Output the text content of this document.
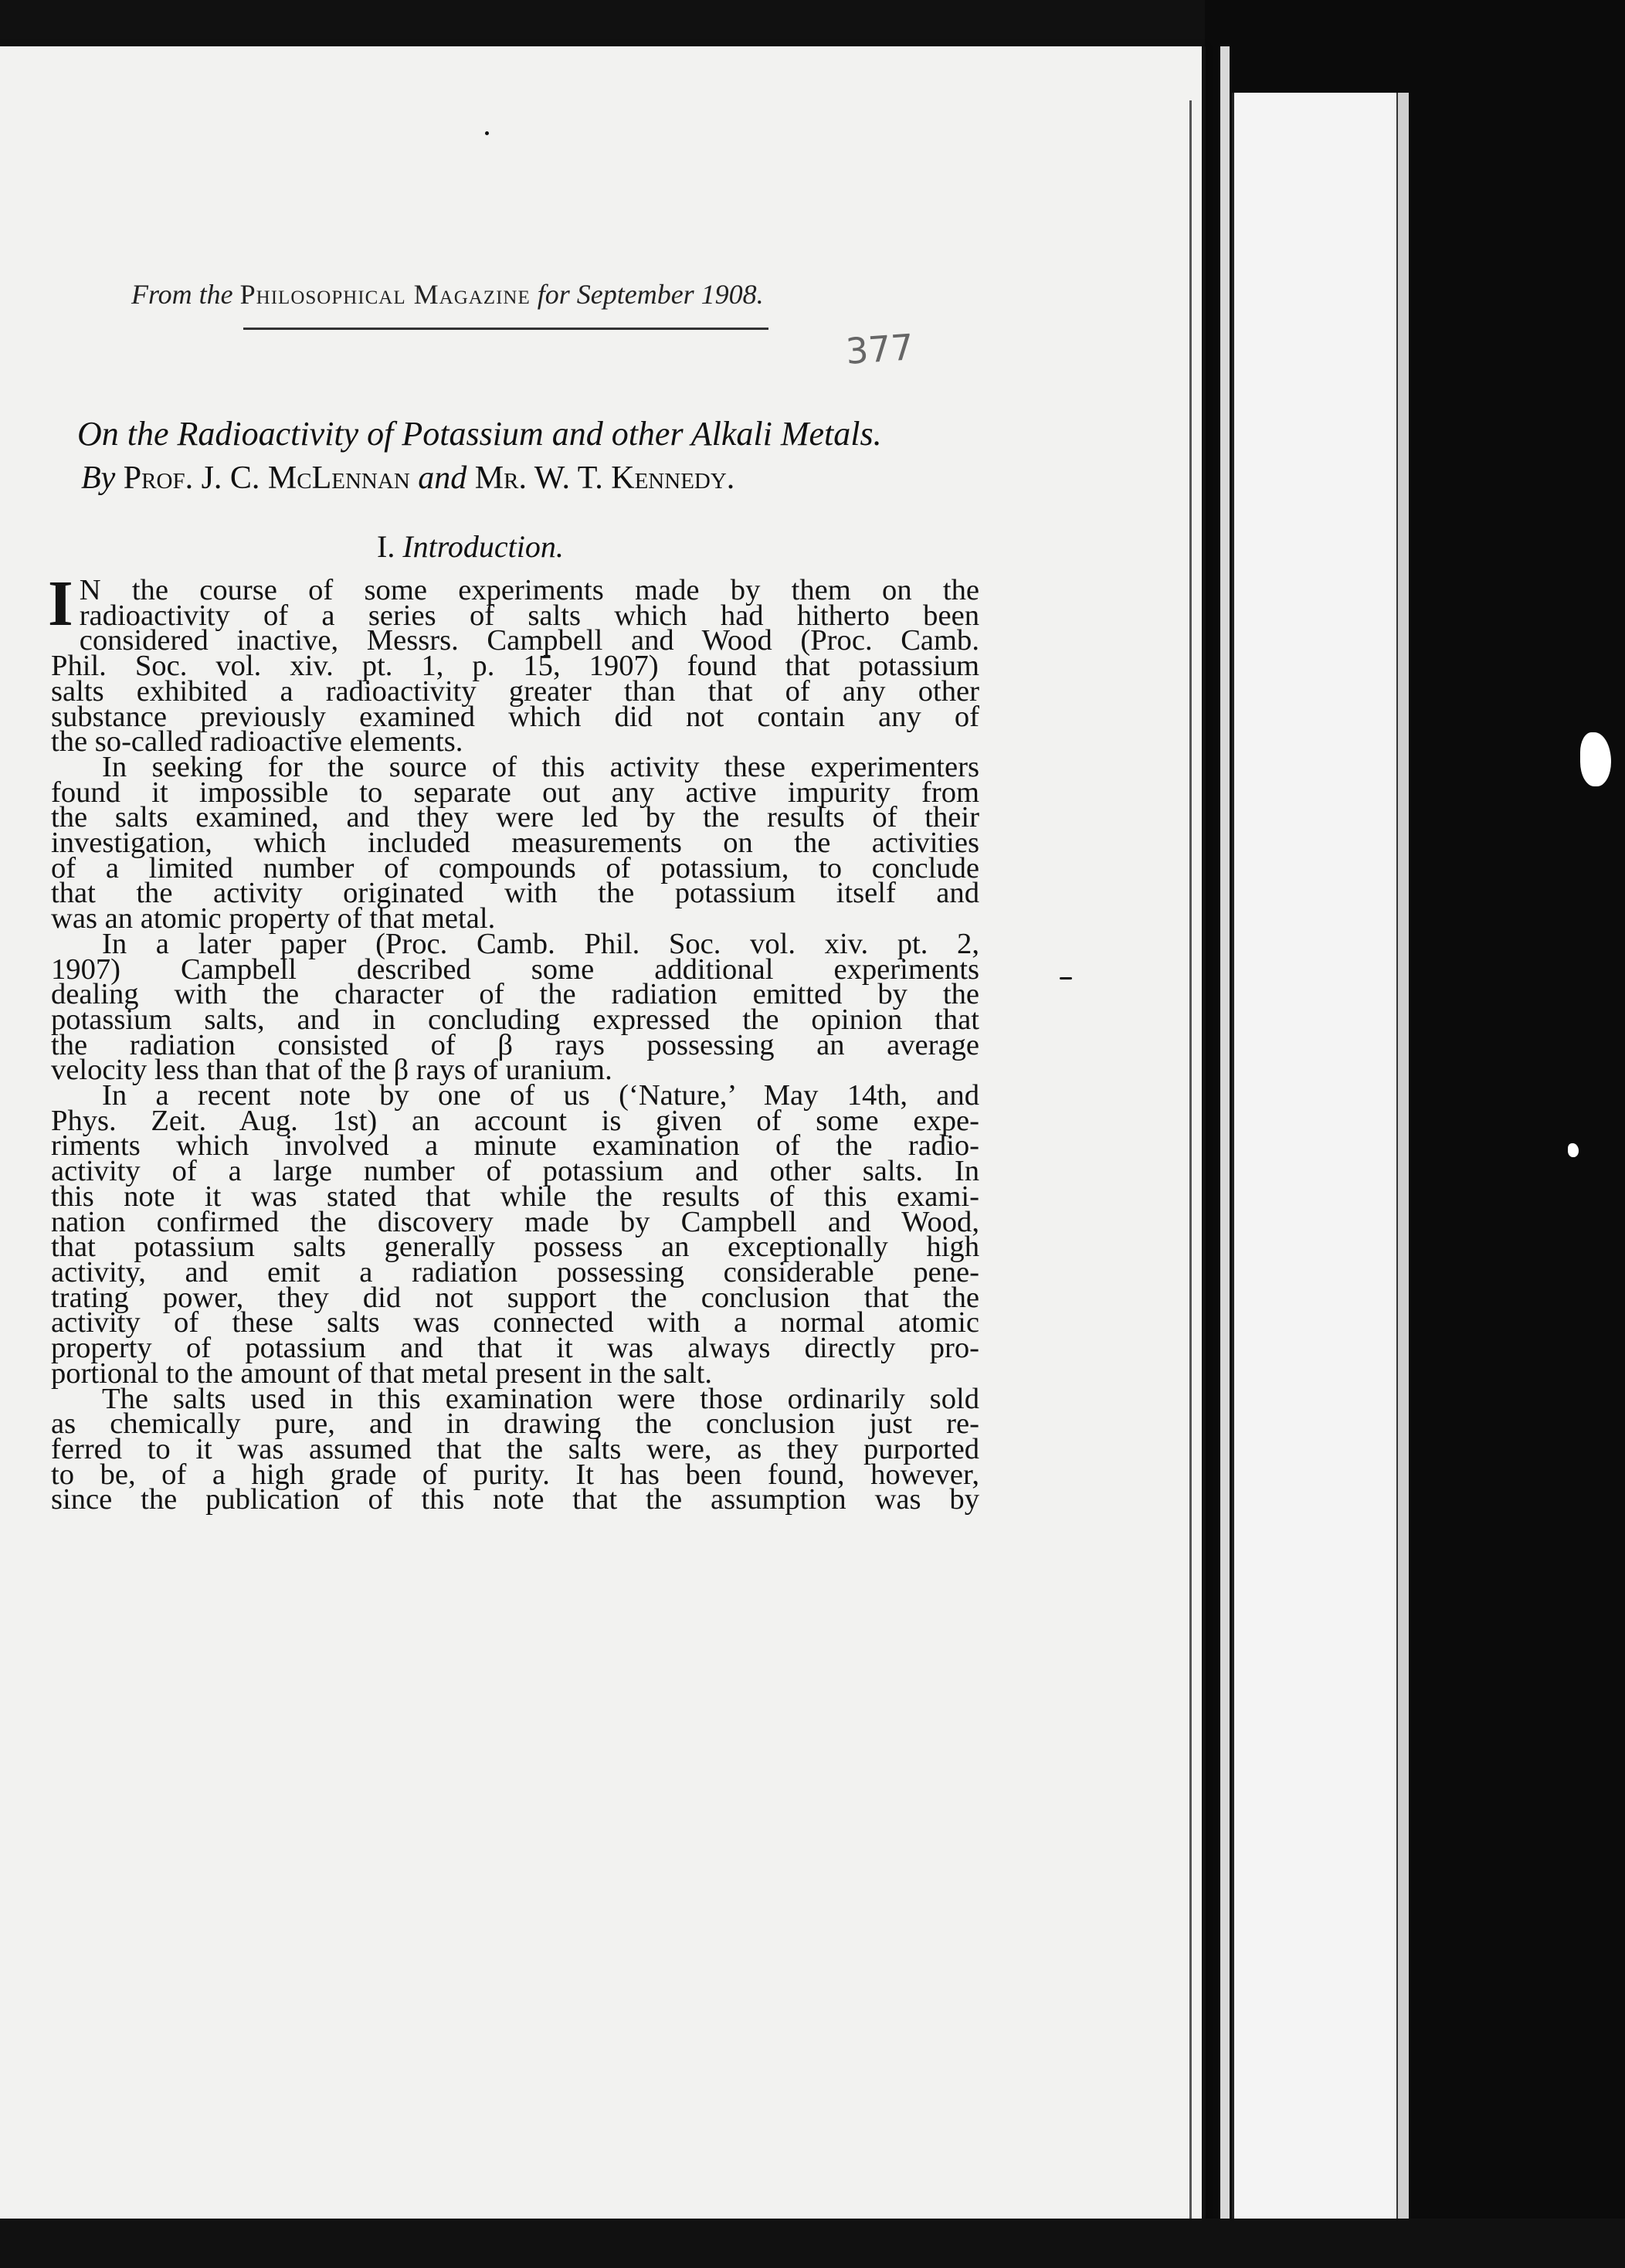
From the Philosophical Magazine for September 1908.
377
On the Radioactivity of Potassium and other Alkali Metals.
By Prof. J. C. McLennan and Mr. W. T. Kennedy.
I. Introduction.
I N the course of some experiments made by them on the
radioactivity of a series of salts which had hitherto been
considered inactive, Messrs. Campbell and Wood (Proc. Camb.
Phil. Soc. vol. xiv. pt. 1, p. 15, 1907) found that potassium
salts exhibited a radioactivity greater than that of any other
substance previously examined which did not contain any of
the so-called radioactive elements.
In seeking for the source of this activity these experimenters
found it impossible to separate out any active impurity from
the salts examined, and they were led by the results of their
investigation, which included measurements on the activities
of a limited number of compounds of potassium, to conclude
that the activity originated with the potassium itself and
was an atomic property of that metal.
In a later paper (Proc. Camb. Phil. Soc. vol. xiv. pt. 2,
1907) Campbell described some additional experiments
dealing with the character of the radiation emitted by the
potassium salts, and in concluding expressed the opinion that
the radiation consisted of β rays possessing an average
velocity less than that of the β rays of uranium.
In a recent note by one of us (‘Nature,’ May 14th, and
Phys. Zeit. Aug. 1st) an account is given of some expe-
riments which involved a minute examination of the radio-
activity of a large number of potassium and other salts. In
this note it was stated that while the results of this exami-
nation confirmed the discovery made by Campbell and Wood,
that potassium salts generally possess an exceptionally high
activity, and emit a radiation possessing considerable pene-
trating power, they did not support the conclusion that the
activity of these salts was connected with a normal atomic
property of potassium and that it was always directly pro-
portional to the amount of that metal present in the salt.
The salts used in this examination were those ordinarily sold
as chemically pure, and in drawing the conclusion just re-
ferred to it was assumed that the salts were, as they purported
to be, of a high grade of purity. It has been found, however,
since the publication of this note that the assumption was by
